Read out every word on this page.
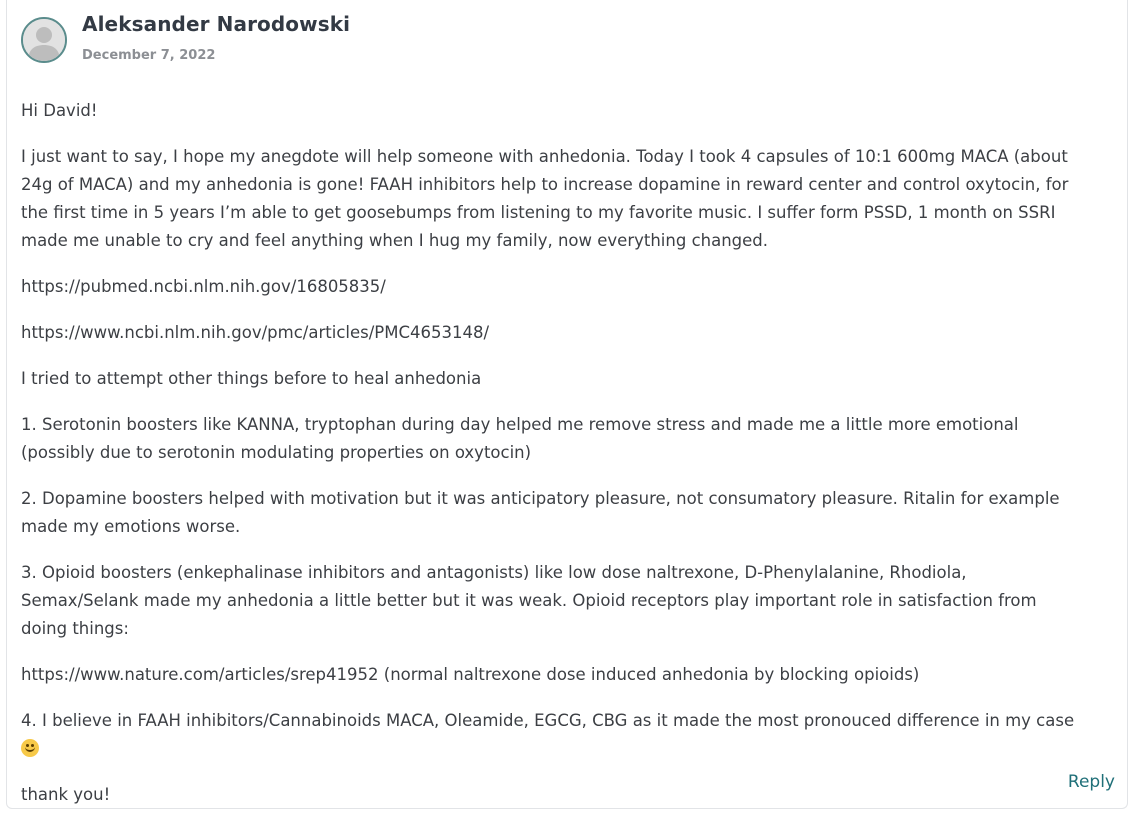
Aleksander Narodowski
December 7, 2022

Hi David!

I just want to say, I hope my anegdote will help someone with anhedonia. Today I took 4 capsules of 10:1 600mg MACA (about 24g of MACA) and my anhedonia is gone! FAAH inhibitors help to increase dopamine in reward center and control oxytocin, for the first time in 5 years I’m able to get goosebumps from listening to my favorite music. I suffer form PSSD, 1 month on SSRI made me unable to cry and feel anything when I hug my family, now everything changed.

https://pubmed.ncbi.nlm.nih.gov/16805835/

https://www.ncbi.nlm.nih.gov/pmc/articles/PMC4653148/

I tried to attempt other things before to heal anhedonia

1. Serotonin boosters like KANNA, tryptophan during day helped me remove stress and made me a little more emotional (possibly due to serotonin modulating properties on oxytocin)

2. Dopamine boosters helped with motivation but it was anticipatory pleasure, not consumatory pleasure. Ritalin for example made my emotions worse.

3. Opioid boosters (enkephalinase inhibitors and antagonists) like low dose naltrexone, D-Phenylalanine, Rhodiola, Semax/Selank made my anhedonia a little better but it was weak. Opioid receptors play important role in satisfaction from doing things:

https://www.nature.com/articles/srep41952 (normal naltrexone dose induced anhedonia by blocking opioids)

4. I believe in FAAH inhibitors/Cannabinoids MACA, Oleamide, EGCG, CBG as it made the most pronouced difference in my case

thank you!

Reply
